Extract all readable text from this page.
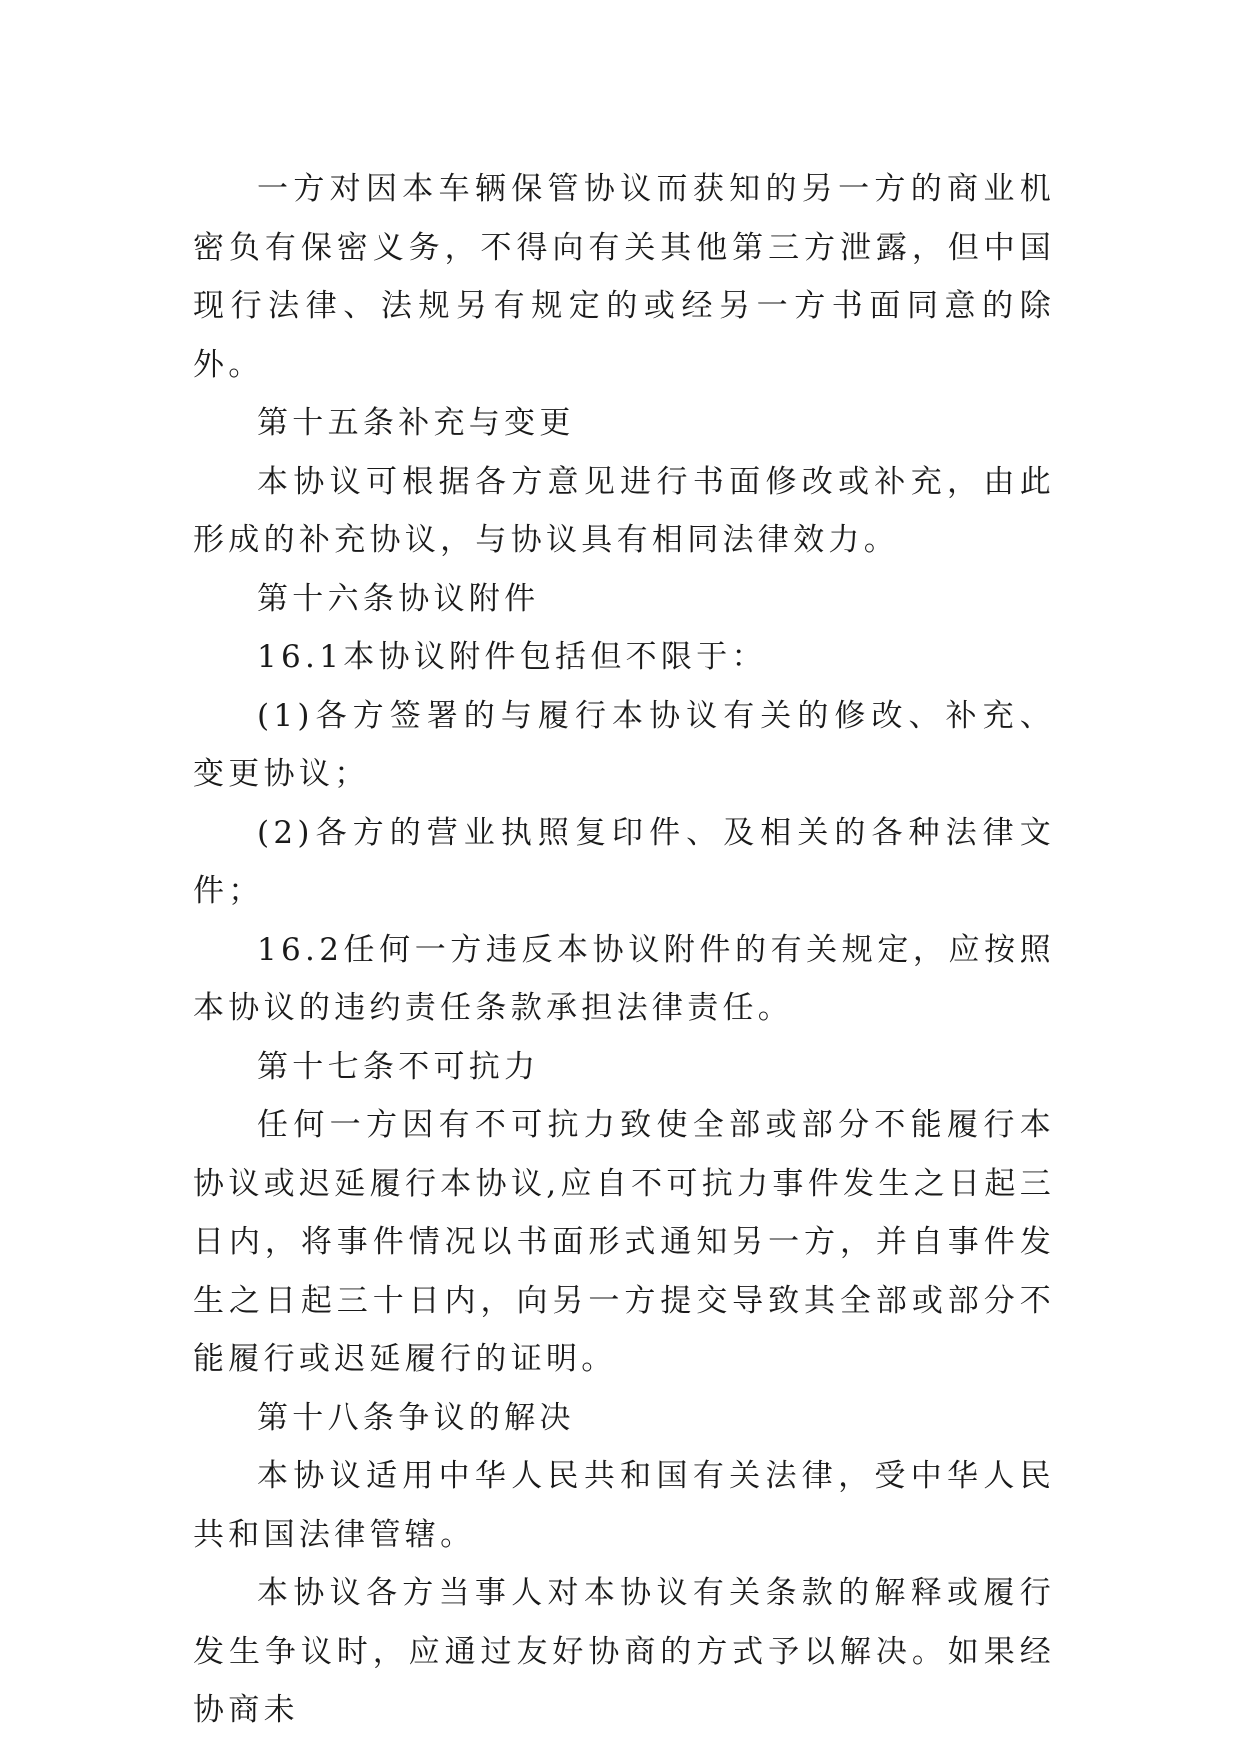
一方对因本车辆保管协议而获知的另一方的商业机密负有保密义务，不得向有关其他第三方泄露，但中国现行法律、法规另有规定的或经另一方书面同意的除外。

第十五条补充与变更

本协议可根据各方意见进行书面修改或补充，由此形成的补充协议，与协议具有相同法律效力。

第十六条协议附件

16.1本协议附件包括但不限于：

(1)各方签署的与履行本协议有关的修改、补充、变更协议；

(2)各方的营业执照复印件、及相关的各种法律文件；

16.2任何一方违反本协议附件的有关规定，应按照本协议的违约责任条款承担法律责任。

第十七条不可抗力

任何一方因有不可抗力致使全部或部分不能履行本协议或迟延履行本协议,应自不可抗力事件发生之日起三日内，将事件情况以书面形式通知另一方，并自事件发生之日起三十日内，向另一方提交导致其全部或部分不能履行或迟延履行的证明。

第十八条争议的解决

本协议适用中华人民共和国有关法律，受中华人民共和国法律管辖。

本协议各方当事人对本协议有关条款的解释或履行发生争议时，应通过友好协商的方式予以解决。如果经协商未
